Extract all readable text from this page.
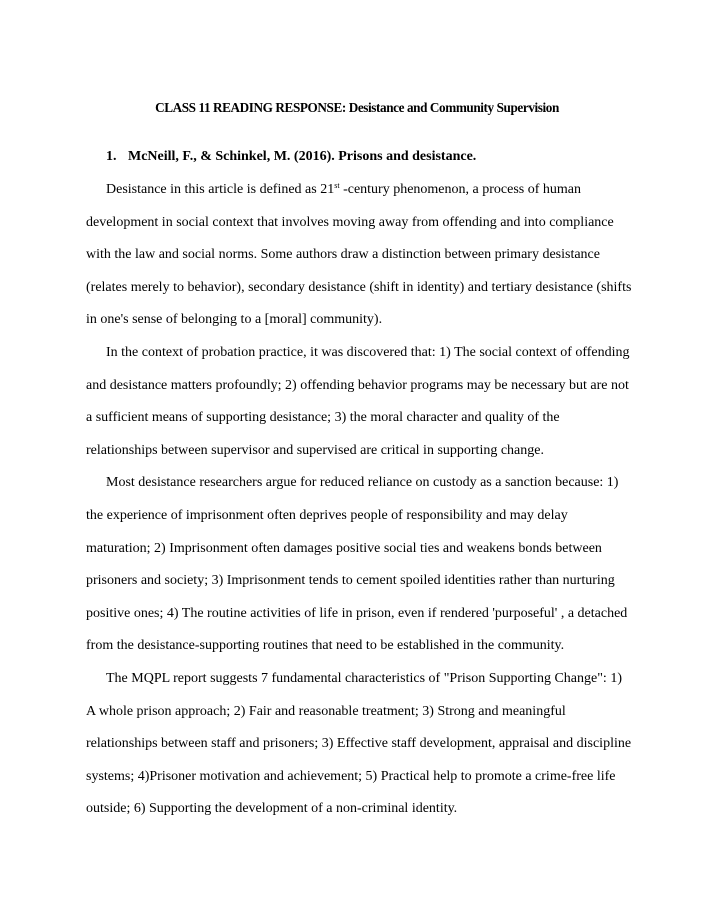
CLASS 11 READING RESPONSE: Desistance and Community Supervision
1. McNeill, F., & Schinkel, M. (2016). Prisons and desistance.
Desistance in this article is defined as 21st -century phenomenon, a process of human
development in social context that involves moving away from offending and into compliance
with the law and social norms. Some authors draw a distinction between primary desistance
(relates merely to behavior), secondary desistance (shift in identity) and tertiary desistance (shifts
in one's sense of belonging to a [moral] community).
In the context of probation practice, it was discovered that: 1) The social context of offending
and desistance matters profoundly; 2) offending behavior programs may be necessary but are not
a sufficient means of supporting desistance; 3) the moral character and quality of the
relationships between supervisor and supervised are critical in supporting change.
Most desistance researchers argue for reduced reliance on custody as a sanction because: 1)
the experience of imprisonment often deprives people of responsibility and may delay
maturation; 2) Imprisonment often damages positive social ties and weakens bonds between
prisoners and society; 3) Imprisonment tends to cement spoiled identities rather than nurturing
positive ones; 4) The routine activities of life in prison, even if rendered 'purposeful' , a detached
from the desistance-supporting routines that need to be established in the community.
The MQPL report suggests 7 fundamental characteristics of "Prison Supporting Change": 1)
A whole prison approach; 2) Fair and reasonable treatment; 3) Strong and meaningful
relationships between staff and prisoners; 3) Effective staff development, appraisal and discipline
systems; 4)Prisoner motivation and achievement; 5) Practical help to promote a crime-free life
outside; 6) Supporting the development of a non-criminal identity.
